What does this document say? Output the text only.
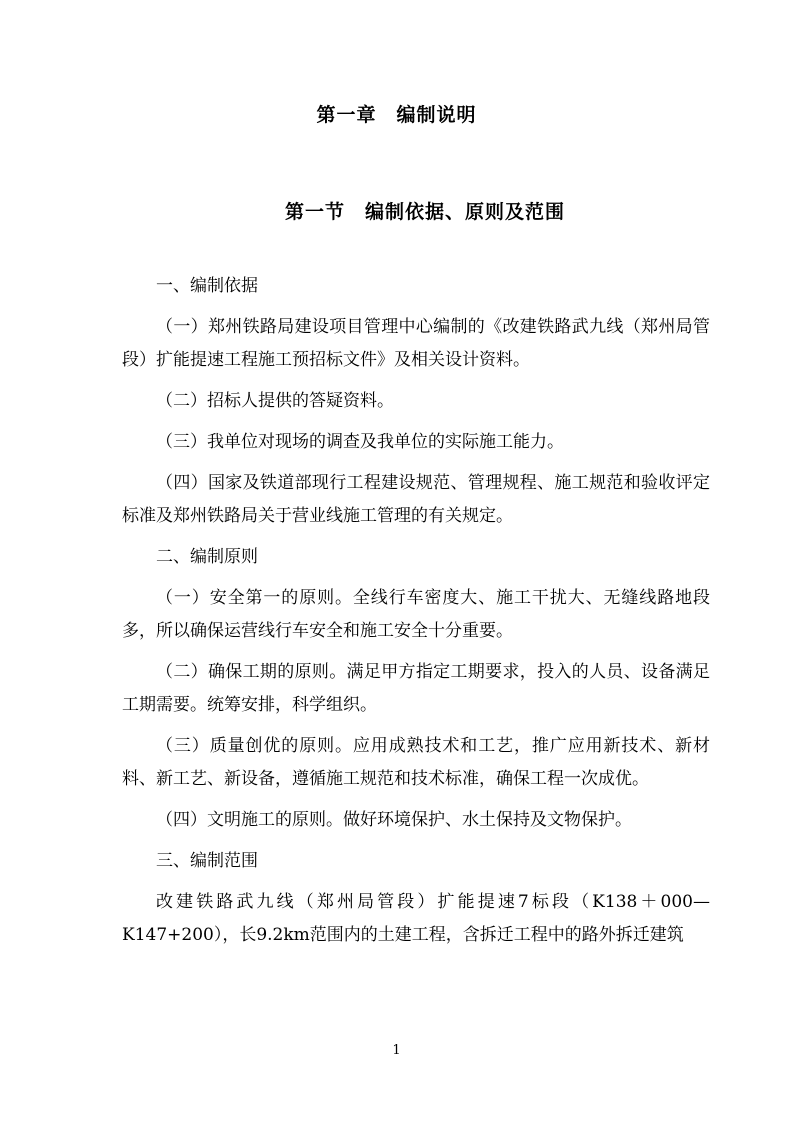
第一章　编制说明
第一节　编制依据、原则及范围

一、编制依据

（一）郑州铁路局建设项目管理中心编制的《改建铁路武九线（郑州局管段）扩能提速工程施工预招标文件》及相关设计资料。

（二）招标人提供的答疑资料。

（三）我单位对现场的调查及我单位的实际施工能力。

（四）国家及铁道部现行工程建设规范、管理规程、施工规范和验收评定标准及郑州铁路局关于营业线施工管理的有关规定。

二、编制原则

（一）安全第一的原则。全线行车密度大、施工干扰大、无缝线路地段多，所以确保运营线行车安全和施工安全十分重要。

（二）确保工期的原则。满足甲方指定工期要求，投入的人员、设备满足工期需要。统筹安排，科学组织。

（三）质量创优的原则。应用成熟技术和工艺，推广应用新技术、新材料、新工艺、新设备，遵循施工规范和技术标准，确保工程一次成优。

（四）文明施工的原则。做好环境保护、水土保持及文物保护。

三、编制范围

改建铁路武九线（郑州局管段）扩能提速7标段（K138＋000—K147+200），长9.2km范围内的土建工程，含拆迁工程中的路外拆迁建筑

1
